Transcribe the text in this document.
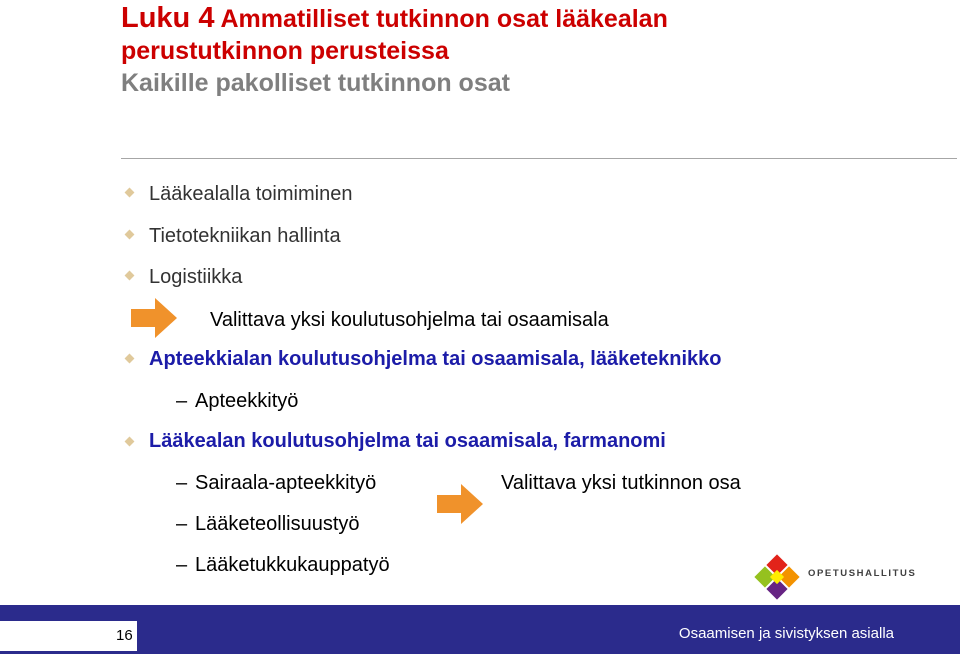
Luku 4 Ammatilliset tutkinnon osat lääkealan
perustutkinnon perusteissa
Kaikille pakolliset tutkinnon osat
Lääkealalla toimiminen
Tietotekniikan hallinta
Logistiikka
Valittava yksi koulutusohjelma tai osaamisala
Apteekkialan koulutusohjelma tai osaamisala, lääketeknikko
– Apteekkityö
Lääkealan koulutusohjelma tai osaamisala, farmanomi
– Sairaala-apteekkityö
– Lääketeollisuustyö
– Lääketukkukauppatyö
Valittava yksi tutkinnon osa
OPETUSHALLITUS
16	Osaamisen ja sivistyksen asialla
